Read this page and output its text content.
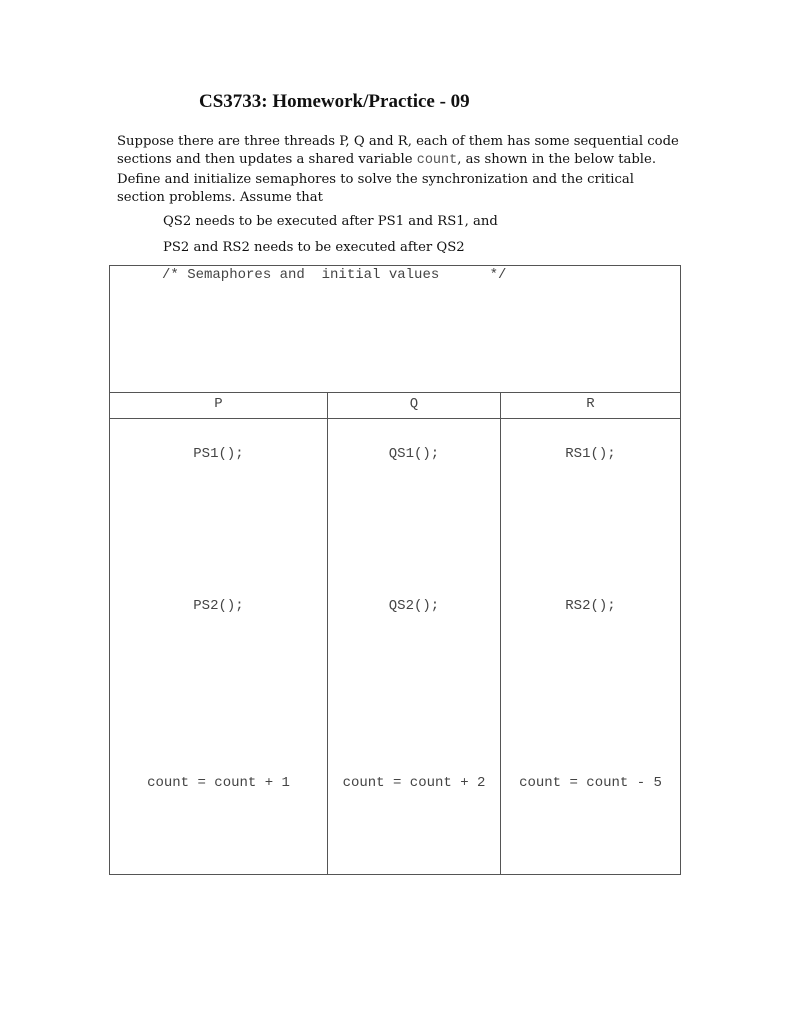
CS3733: Homework/Practice - 09

Suppose there are three threads P, Q and R, each of them has some sequential code
sections and then updates a shared variable count, as shown in the below table.
Define and initialize semaphores to solve the synchronization and the critical
section problems. Assume that

QS2 needs to be executed after PS1 and RS1, and

PS2 and RS2 needs to be executed after QS2

/* Semaphores and  initial values      */
P	Q	R
PS1();
PS2();
count = count + 1
QS1();
QS2();
count = count + 2
RS1();
RS2();
count = count - 5
